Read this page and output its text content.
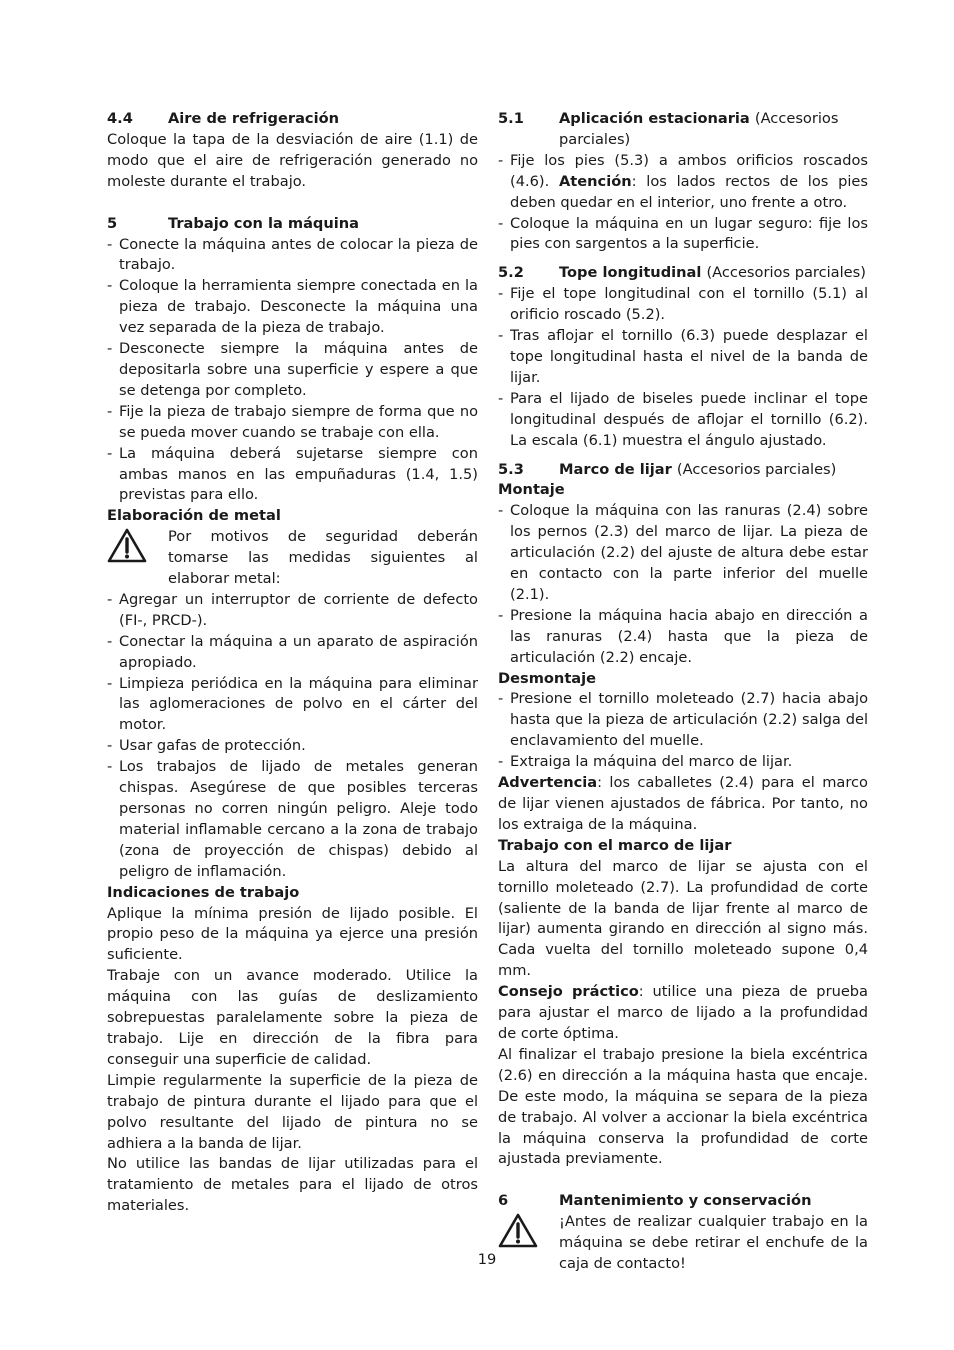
4.4	Aire de refrigeración

Coloque la tapa de la desviación de aire (1.1) de modo que el aire de refrigeración generado no moleste durante el trabajo.

5	Trabajo con la máquina
- Conecte la máquina antes de colocar la pieza de trabajo.
- Coloque la herramienta siempre conectada en la pieza de trabajo. Desconecte la máquina una vez separada de la pieza de trabajo.
- Desconecte siempre la máquina antes de depositarla sobre una superficie y espere a que se detenga por completo.
- Fije la pieza de trabajo siempre de forma que no se pueda mover cuando se trabaje con ella.
- La máquina deberá sujetarse siempre con ambas manos en las empuñaduras (1.4, 1.5) previstas para ello.
Elaboración de metal
Por motivos de seguridad deberán tomarse las medidas siguientes al elaborar metal:
- Agregar un interruptor de corriente de defecto (FI-, PRCD-).
- Conectar la máquina a un aparato de aspiración apropiado.
- Limpieza periódica en la máquina para eliminar las aglomeraciones de polvo en el cárter del motor.
- Usar gafas de protección.
- Los trabajos de lijado de metales generan chispas. Asegúrese de que posibles terceras personas no corren ningún peligro. Aleje todo material inflamable cercano a la zona de trabajo (zona de proyección de chispas) debido al peligro de inflamación.
Indicaciones de trabajo

Aplique la mínima presión de lijado posible. El propio peso de la máquina ya ejerce una presión suficiente.

Trabaje con un avance moderado. Utilice la máquina con las guías de deslizamiento sobrepuestas paralelamente sobre la pieza de trabajo. Lije en dirección de la fibra para conseguir una superficie de calidad.

Limpie regularmente la superficie de la pieza de trabajo de pintura durante el lijado para que el polvo resultante del lijado de pintura no se adhiera a la banda de lijar.

No utilice las bandas de lijar utilizadas para el tratamiento de metales para el lijado de otros materiales.

5.1	Aplicación estacionaria (Accesorios parciales)
- Fije los pies (5.3) a ambos orificios roscados (4.6). Atención: los lados rectos de los pies deben quedar en el interior, uno frente a otro.
- Coloque la máquina en un lugar seguro: fije los pies con sargentos a la superficie.
5.2	Tope longitudinal (Accesorios parciales)
- Fije el tope longitudinal con el tornillo (5.1) al orificio roscado (5.2).
- Tras aflojar el tornillo (6.3) puede desplazar el tope longitudinal hasta el nivel de la banda de lijar.
- Para el lijado de biseles puede inclinar el tope longitudinal después de aflojar el tornillo (6.2). La escala (6.1) muestra el ángulo ajustado.
5.3	Marco de lijar (Accesorios parciales)
Montaje
- Coloque la máquina con las ranuras (2.4) sobre los pernos (2.3) del marco de lijar. La pieza de articulación (2.2) del ajuste de altura debe estar en contacto con la parte inferior del muelle (2.1).
- Presione la máquina hacia abajo en dirección a las ranuras (2.4) hasta que la pieza de articulación (2.2) encaje.
Desmontaje
- Presione el tornillo moleteado (2.7) hacia abajo hasta que la pieza de articulación (2.2) salga del enclavamiento del muelle.
- Extraiga la máquina del marco de lijar.

Advertencia: los caballetes (2.4) para el marco de lijar vienen ajustados de fábrica. Por tanto, no los extraiga de la máquina.

Trabajo con el marco de lijar

La altura del marco de lijar se ajusta con el tornillo moleteado (2.7). La profundidad de corte (saliente de la banda de lijar frente al marco de lijar) aumenta girando en dirección al signo más. Cada vuelta del tornillo moleteado supone 0,4 mm.

Consejo práctico: utilice una pieza de prueba para ajustar el marco de lijado a la profundidad de corte óptima.

Al finalizar el trabajo presione la biela excéntrica (2.6) en dirección a la máquina hasta que encaje. De este modo, la máquina se separa de la pieza de trabajo. Al volver a accionar la biela excéntrica la máquina conserva la profundidad de corte ajustada previamente.

6	Mantenimiento y conservación
¡Antes de realizar cualquier trabajo en la máquina se debe retirar el enchufe de la caja de contacto!
19
